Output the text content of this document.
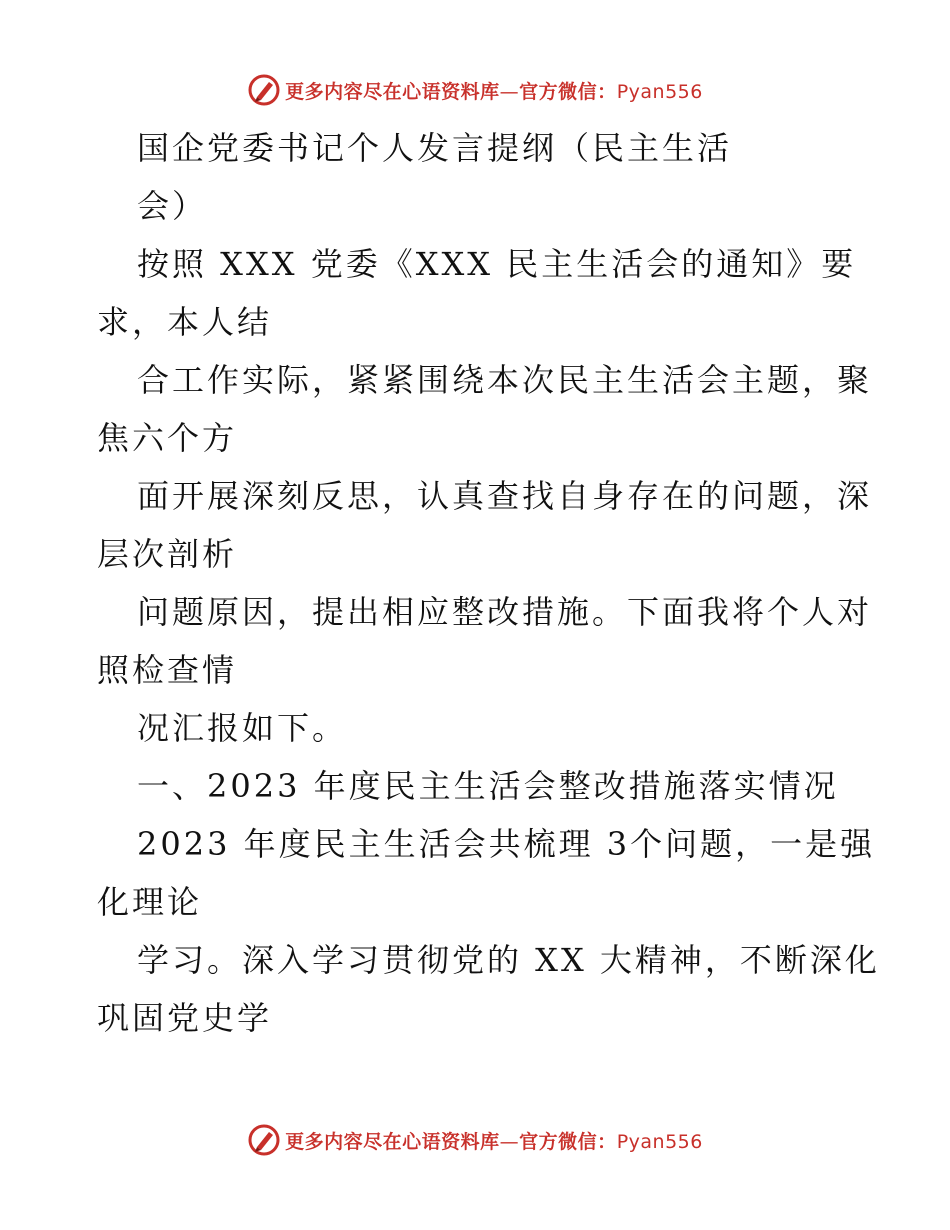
更多内容尽在心语资料库—官方微信：Pyan556
国企党委书记个人发言提纲（民主生活
会）
按照 XXX 党委《XXX 民主生活会的通知》要
求，本人结
合工作实际，紧紧围绕本次民主生活会主题，聚
焦六个方
面开展深刻反思，认真查找自身存在的问题，深
层次剖析
问题原因，提出相应整改措施。下面我将个人对
照检查情
况汇报如下。
一、2023 年度民主生活会整改措施落实情况
2023 年度民主生活会共梳理 3个问题，一是强
化理论
学习。深入学习贯彻党的 XX 大精神，不断深化
巩固党史学
更多内容尽在心语资料库—官方微信：Pyan556
